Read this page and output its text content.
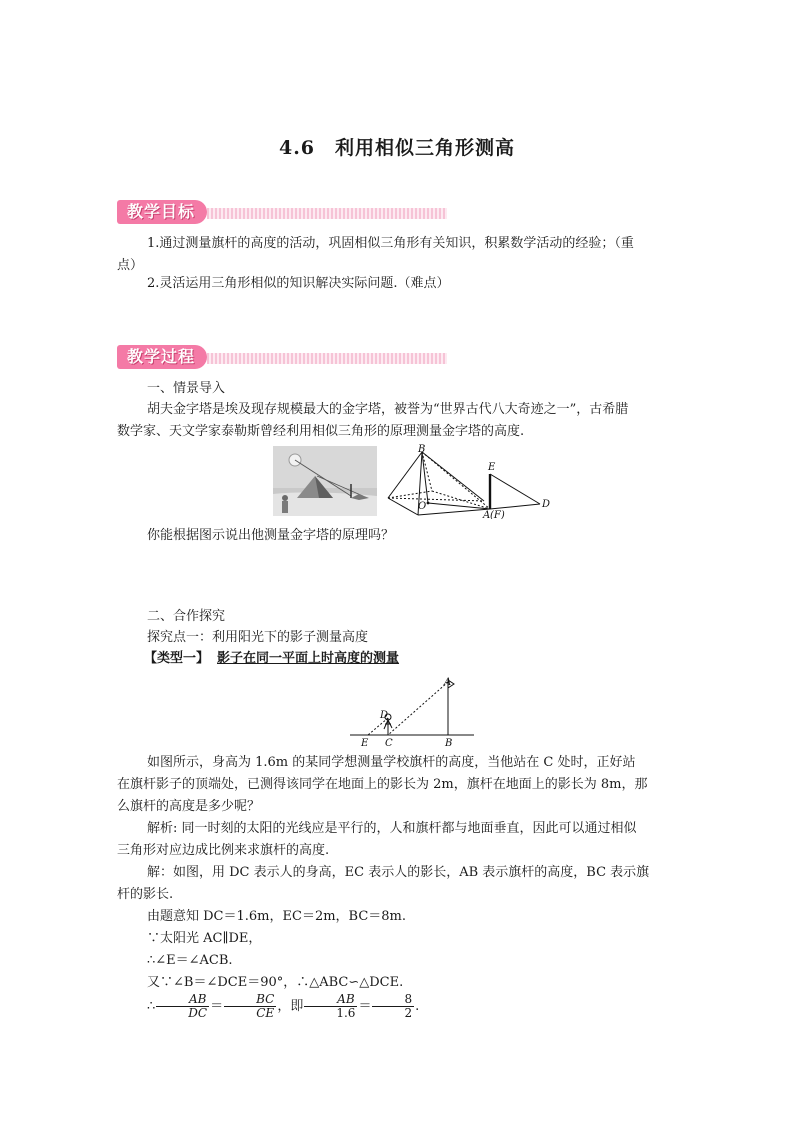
4.6　利用相似三角形测高
教学目标
1.通过测量旗杆的高度的活动，巩固相似三角形有关知识，积累数学活动的经验；（重
点）
2.灵活运用三角形相似的知识解决实际问题.（难点）
教学过程
一、情景导入
胡夫金字塔是埃及现存规模最大的金字塔，被誉为“世界古代八大奇迹之一”，古希腊
数学家、天文学家泰勒斯曾经利用相似三角形的原理测量金字塔的高度.
B
E
O
A (F)
D
你能根据图示说出他测量金字塔的原理吗？
二、合作探究
探究点一：利用阳光下的影子测量高度
【类型一】 影子在同一平面上时高度的测量
A
D
E C	B
如图所示，身高为 1.6m 的某同学想测量学校旗杆的高度，当他站在 C 处时，正好站
在旗杆影子的顶端处，已测得该同学在地面上的影长为 2m，旗杆在地面上的影长为 8m，那
么旗杆的高度是多少呢？
解析: 同一时刻的太阳的光线应是平行的，人和旗杆都与地面垂直，因此可以通过相似
三角形对应边成比例来求旗杆的高度.
解：如图，用 DC 表示人的身高，EC 表示人的影长，AB 表示旗杆的高度，BC 表示旗
杆的影长.
由题意知 DC＝1.6m，EC＝2m，BC＝8m.
∵太阳光 AC∥DE，
∴∠E＝∠ACB.
又∵∠B＝∠DCE＝90°，∴△ABC∽△DCE.
∴ $\frac{AB}{DC} = \frac{BC}{CE}$ ，即 $\frac{AB}{1.6} = \frac{8}{2}$ .
